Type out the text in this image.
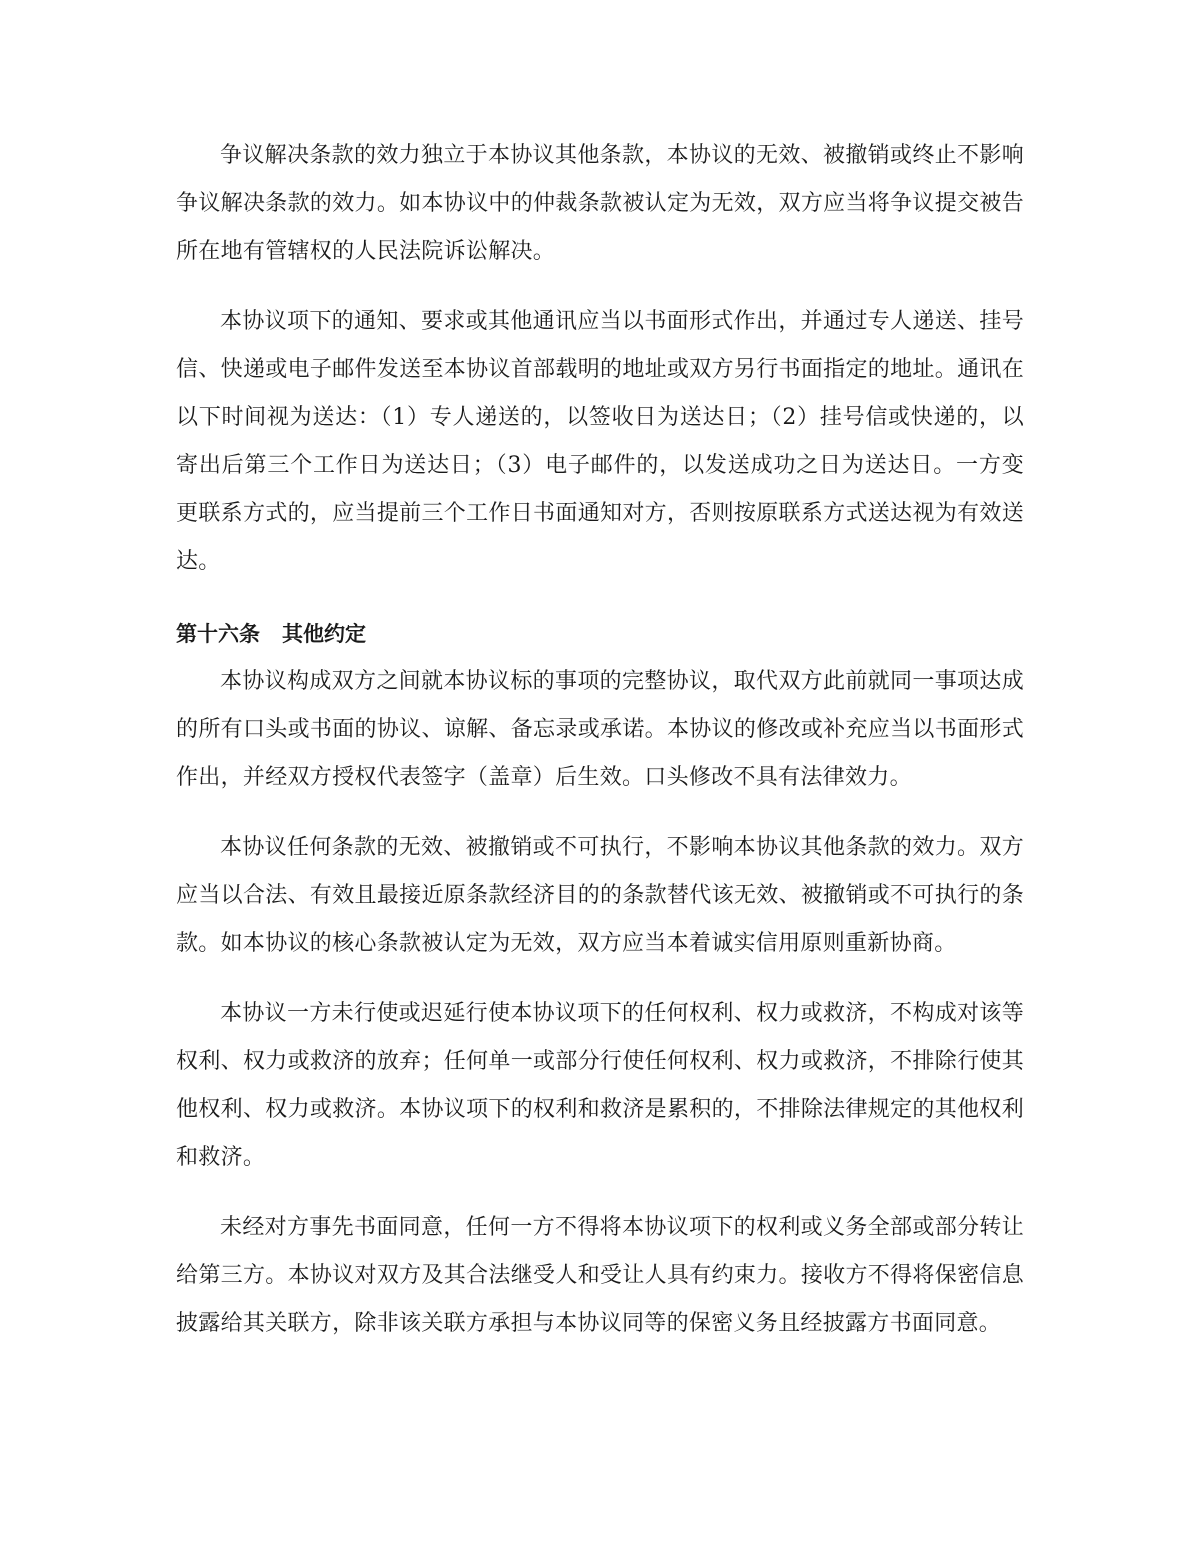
争议解决条款的效力独立于本协议其他条款，本协议的无效、被撤销或终止不影响争议解决条款的效力。如本协议中的仲裁条款被认定为无效，双方应当将争议提交被告所在地有管辖权的人民法院诉讼解决。

本协议项下的通知、要求或其他通讯应当以书面形式作出，并通过专人递送、挂号信、快递或电子邮件发送至本协议首部载明的地址或双方另行书面指定的地址。通讯在以下时间视为送达：（1）专人递送的，以签收日为送达日；（2）挂号信或快递的，以寄出后第三个工作日为送达日；（3）电子邮件的，以发送成功之日为送达日。一方变更联系方式的，应当提前三个工作日书面通知对方，否则按原联系方式送达视为有效送达。

第十六条 其他约定

本协议构成双方之间就本协议标的事项的完整协议，取代双方此前就同一事项达成的所有口头或书面的协议、谅解、备忘录或承诺。本协议的修改或补充应当以书面形式作出，并经双方授权代表签字（盖章）后生效。口头修改不具有法律效力。

本协议任何条款的无效、被撤销或不可执行，不影响本协议其他条款的效力。双方应当以合法、有效且最接近原条款经济目的的条款替代该无效、被撤销或不可执行的条款。如本协议的核心条款被认定为无效，双方应当本着诚实信用原则重新协商。

本协议一方未行使或迟延行使本协议项下的任何权利、权力或救济，不构成对该等权利、权力或救济的放弃；任何单一或部分行使任何权利、权力或救济，不排除行使其他权利、权力或救济。本协议项下的权利和救济是累积的，不排除法律规定的其他权利和救济。

未经对方事先书面同意，任何一方不得将本协议项下的权利或义务全部或部分转让给第三方。本协议对双方及其合法继受人和受让人具有约束力。接收方不得将保密信息披露给其关联方，除非该关联方承担与本协议同等的保密义务且经披露方书面同意。
